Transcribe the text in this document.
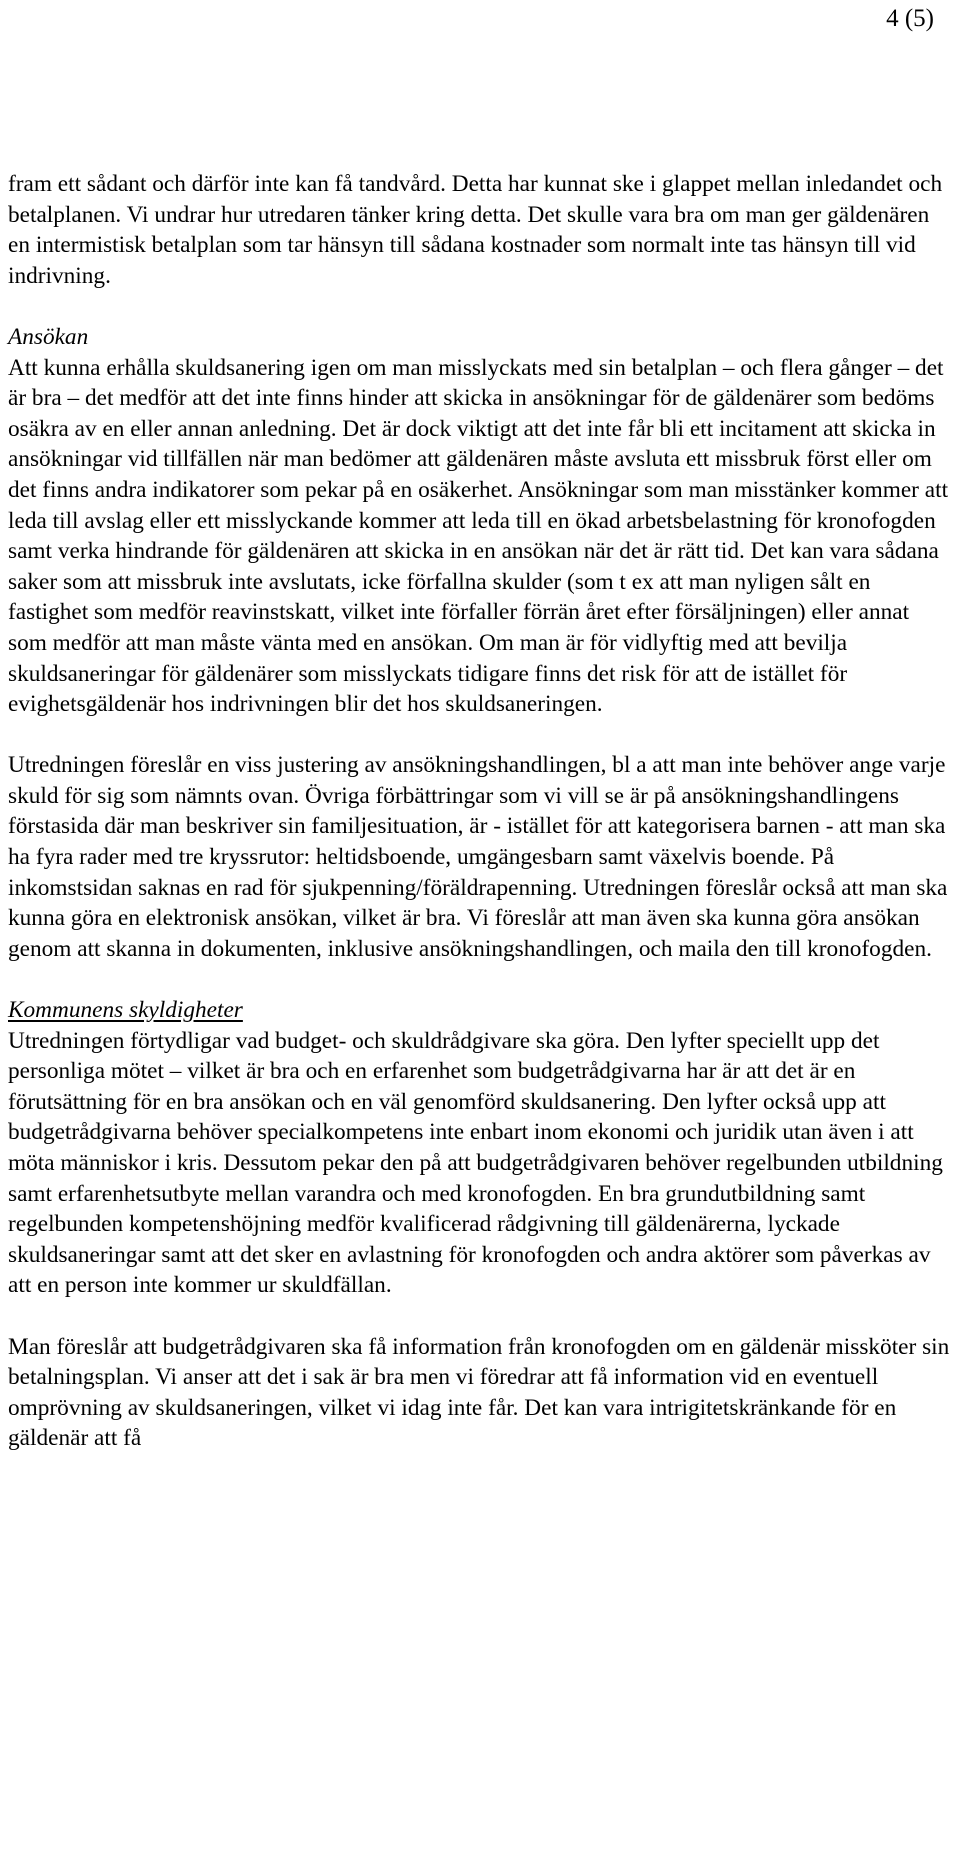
4 (5)

fram ett sådant och därför inte kan få tandvård. Detta har kunnat ske i glappet mellan inledandet och betalplanen. Vi undrar hur utredaren tänker kring detta. Det skulle vara bra om man ger gäldenären en intermistisk betalplan som tar hänsyn till sådana kostnader som normalt inte tas hänsyn till vid indrivning.

Ansökan

Att kunna erhålla skuldsanering igen om man misslyckats med sin betalplan – och flera gånger – det är bra – det medför att det inte finns hinder att skicka in ansökningar för de gäldenärer som bedöms osäkra av en eller annan anledning. Det är dock viktigt att det inte får bli ett incitament att skicka in ansökningar vid tillfällen när man bedömer att gäldenären måste avsluta ett missbruk först eller om det finns andra indikatorer som pekar på en osäkerhet. Ansökningar som man misstänker kommer att leda till avslag eller ett misslyckande kommer att leda till en ökad arbetsbelastning för kronofogden samt verka hindrande för gäldenären att skicka in en ansökan när det är rätt tid. Det kan vara sådana saker som att missbruk inte avslutats, icke förfallna skulder (som t ex att man nyligen sålt en fastighet som medför reavinstskatt, vilket inte förfaller förrän året efter försäljningen) eller annat som medför att man måste vänta med en ansökan. Om man är för vidlyftig med att bevilja skuldsaneringar för gäldenärer som misslyckats tidigare finns det risk för att de istället för evighetsgäldenär hos indrivningen blir det hos skuldsaneringen.

Utredningen föreslår en viss justering av ansökningshandlingen, bl a att man inte behöver ange varje skuld för sig som nämnts ovan. Övriga förbättringar som vi vill se är på ansökningshandlingens förstasida där man beskriver sin familjesituation, är - istället för att kategorisera barnen - att man ska ha fyra rader med tre kryssrutor: heltidsboende, umgängesbarn samt växelvis boende. På inkomstsidan saknas en rad för sjukpenning/föräldrapenning. Utredningen föreslår också att man ska kunna göra en elektronisk ansökan, vilket är bra. Vi föreslår att man även ska kunna göra ansökan genom att skanna in dokumenten, inklusive ansökningshandlingen, och maila den till kronofogden.

Kommunens skyldigheter

Utredningen förtydligar vad budget- och skuldrådgivare ska göra. Den lyfter speciellt upp det personliga mötet – vilket är bra och en erfarenhet som budgetrådgivarna har är att det är en förutsättning för en bra ansökan och en väl genomförd skuldsanering. Den lyfter också upp att budgetrådgivarna behöver specialkompetens inte enbart inom ekonomi och juridik utan även i att möta människor i kris. Dessutom pekar den på att budgetrådgivaren behöver regelbunden utbildning samt erfarenhetsutbyte mellan varandra och med kronofogden. En bra grundutbildning samt regelbunden kompetenshöjning medför kvalificerad rådgivning till gäldenärerna, lyckade skuldsaneringar samt att det sker en avlastning för kronofogden och andra aktörer som påverkas av att en person inte kommer ur skuldfällan.

Man föreslår att budgetrådgivaren ska få information från kronofogden om en gäldenär missköter sin betalningsplan. Vi anser att det i sak är bra men vi föredrar att få information vid en eventuell omprövning av skuldsaneringen, vilket vi idag inte får. Det kan vara intrigitetskränkande för en gäldenär att få
